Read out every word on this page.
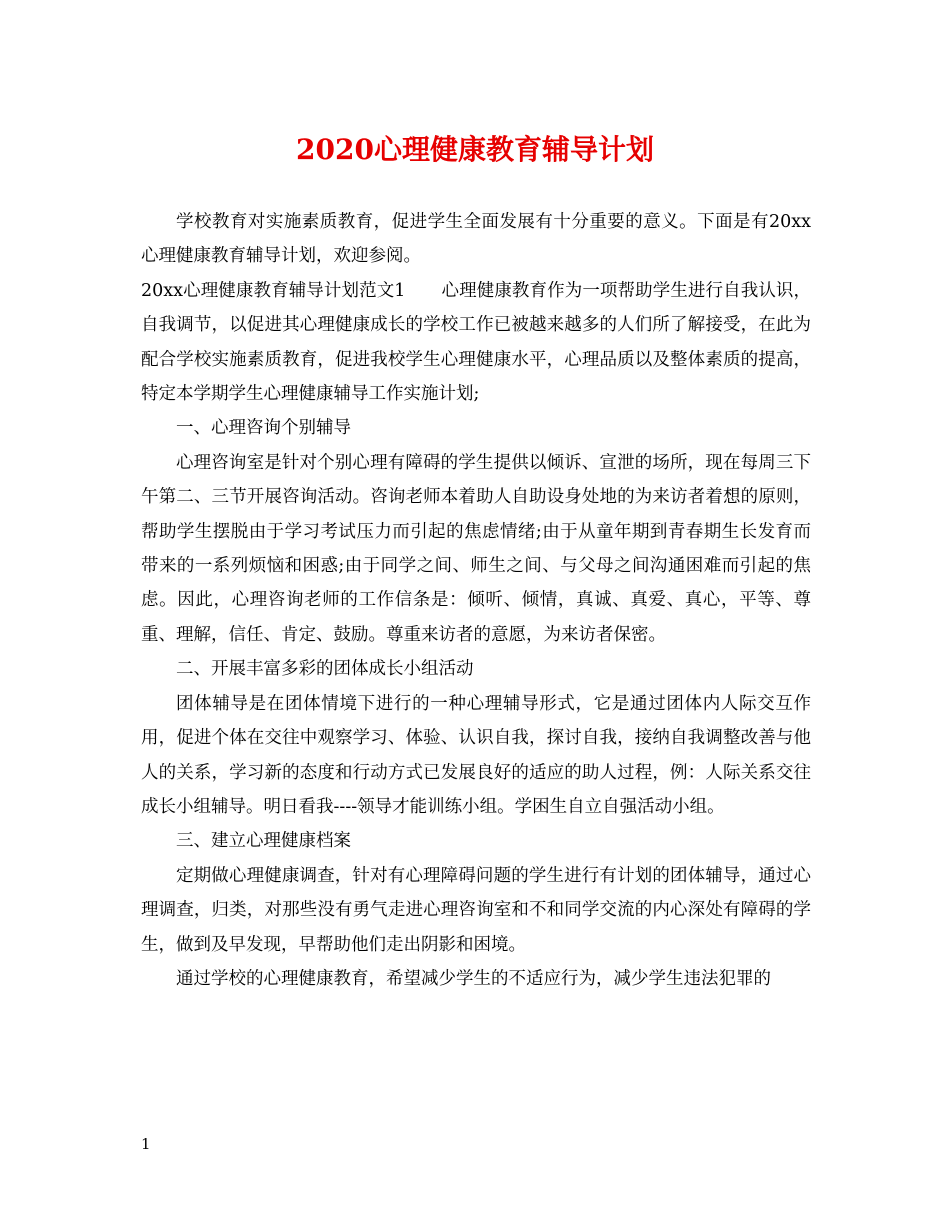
2020心理健康教育辅导计划

学校教育对实施素质教育，促进学生全面发展有十分重要的意义。下面是有20xx心理健康教育辅导计划，欢迎参阅。

20xx心理健康教育辅导计划范文1 心理健康教育作为一项帮助学生进行自我认识，自我调节，以促进其心理健康成长的学校工作已被越来越多的人们所了解接受，在此为配合学校实施素质教育，促进我校学生心理健康水平，心理品质以及整体素质的提高，特定本学期学生心理健康辅导工作实施计划;

一、心理咨询个别辅导

心理咨询室是针对个别心理有障碍的学生提供以倾诉、宣泄的场所，现在每周三下午第二、三节开展咨询活动。咨询老师本着助人自助设身处地的为来访者着想的原则，帮助学生摆脱由于学习考试压力而引起的焦虑情绪;由于从童年期到青春期生长发育而带来的一系列烦恼和困惑;由于同学之间、师生之间、与父母之间沟通困难而引起的焦虑。因此，心理咨询老师的工作信条是：倾听、倾情，真诚、真爱、真心，平等、尊重、理解，信任、肯定、鼓励。尊重来访者的意愿，为来访者保密。

二、开展丰富多彩的团体成长小组活动

团体辅导是在团体情境下进行的一种心理辅导形式，它是通过团体内人际交互作用，促进个体在交往中观察学习、体验、认识自我，探讨自我，接纳自我调整改善与他人的关系，学习新的态度和行动方式已发展良好的适应的助人过程，例：人际关系交往成长小组辅导。明日看我----领导才能训练小组。学困生自立自强活动小组。

三、建立心理健康档案

定期做心理健康调查，针对有心理障碍问题的学生进行有计划的团体辅导，通过心理调查，归类，对那些没有勇气走进心理咨询室和不和同学交流的内心深处有障碍的学生，做到及早发现，早帮助他们走出阴影和困境。

通过学校的心理健康教育，希望减少学生的不适应行为，减少学生违法犯罪的

1
